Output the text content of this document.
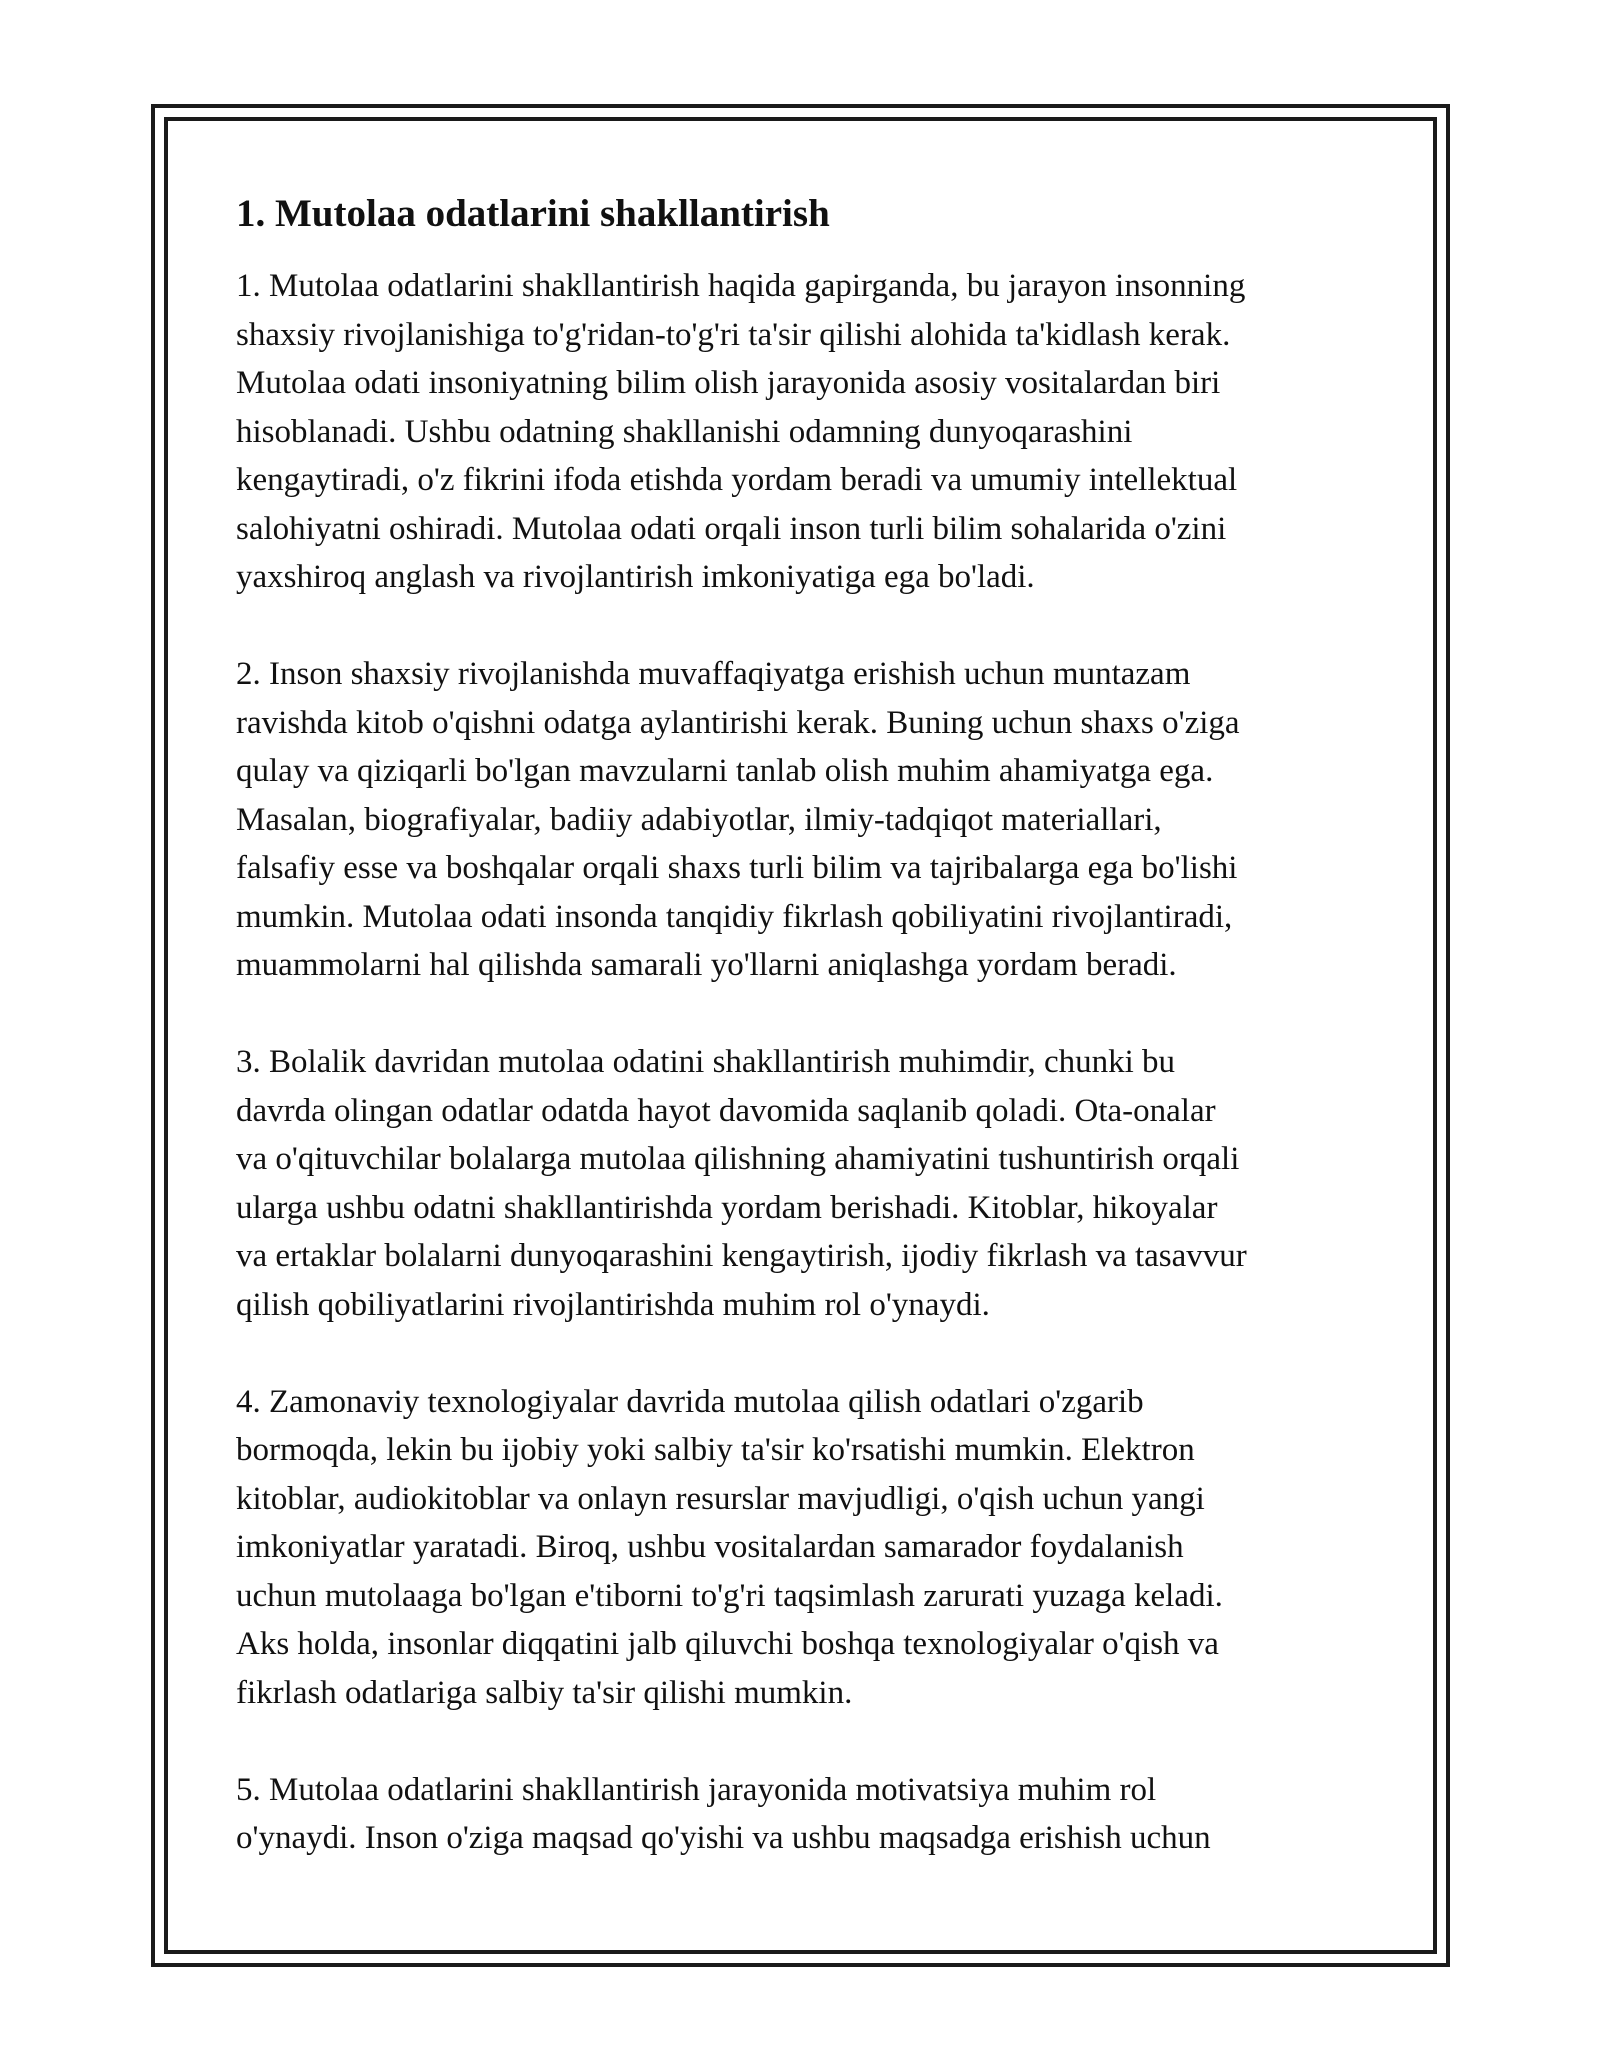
1. Mutolaa odatlarini shakllantirish

1. Mutolaa odatlarini shakllantirish haqida gapirganda, bu jarayon insonning
shaxsiy rivojlanishiga to'g'ridan-to'g'ri ta'sir qilishi alohida ta'kidlash kerak.
Mutolaa odati insoniyatning bilim olish jarayonida asosiy vositalardan biri
hisoblanadi. Ushbu odatning shakllanishi odamning dunyoqarashini
kengaytiradi, o'z fikrini ifoda etishda yordam beradi va umumiy intellektual
salohiyatni oshiradi. Mutolaa odati orqali inson turli bilim sohalarida o'zini
yaxshiroq anglash va rivojlantirish imkoniyatiga ega bo'ladi.

2. Inson shaxsiy rivojlanishda muvaffaqiyatga erishish uchun muntazam
ravishda kitob o'qishni odatga aylantirishi kerak. Buning uchun shaxs o'ziga
qulay va qiziqarli bo'lgan mavzularni tanlab olish muhim ahamiyatga ega.
Masalan, biografiyalar, badiiy adabiyotlar, ilmiy-tadqiqot materiallari,
falsafiy esse va boshqalar orqali shaxs turli bilim va tajribalarga ega bo'lishi
mumkin. Mutolaa odati insonda tanqidiy fikrlash qobiliyatini rivojlantiradi,
muammolarni hal qilishda samarali yo'llarni aniqlashga yordam beradi.

3. Bolalik davridan mutolaa odatini shakllantirish muhimdir, chunki bu
davrda olingan odatlar odatda hayot davomida saqlanib qoladi. Ota-onalar
va o'qituvchilar bolalarga mutolaa qilishning ahamiyatini tushuntirish orqali
ularga ushbu odatni shakllantirishda yordam berishadi. Kitoblar, hikoyalar
va ertaklar bolalarni dunyoqarashini kengaytirish, ijodiy fikrlash va tasavvur
qilish qobiliyatlarini rivojlantirishda muhim rol o'ynaydi.

4. Zamonaviy texnologiyalar davrida mutolaa qilish odatlari o'zgarib
bormoqda, lekin bu ijobiy yoki salbiy ta'sir ko'rsatishi mumkin. Elektron
kitoblar, audiokitoblar va onlayn resurslar mavjudligi, o'qish uchun yangi
imkoniyatlar yaratadi. Biroq, ushbu vositalardan samarador foydalanish
uchun mutolaaga bo'lgan e'tiborni to'g'ri taqsimlash zarurati yuzaga keladi.
Aks holda, insonlar diqqatini jalb qiluvchi boshqa texnologiyalar o'qish va
fikrlash odatlariga salbiy ta'sir qilishi mumkin.

5. Mutolaa odatlarini shakllantirish jarayonida motivatsiya muhim rol
o'ynaydi. Inson o'ziga maqsad qo'yishi va ushbu maqsadga erishish uchun
